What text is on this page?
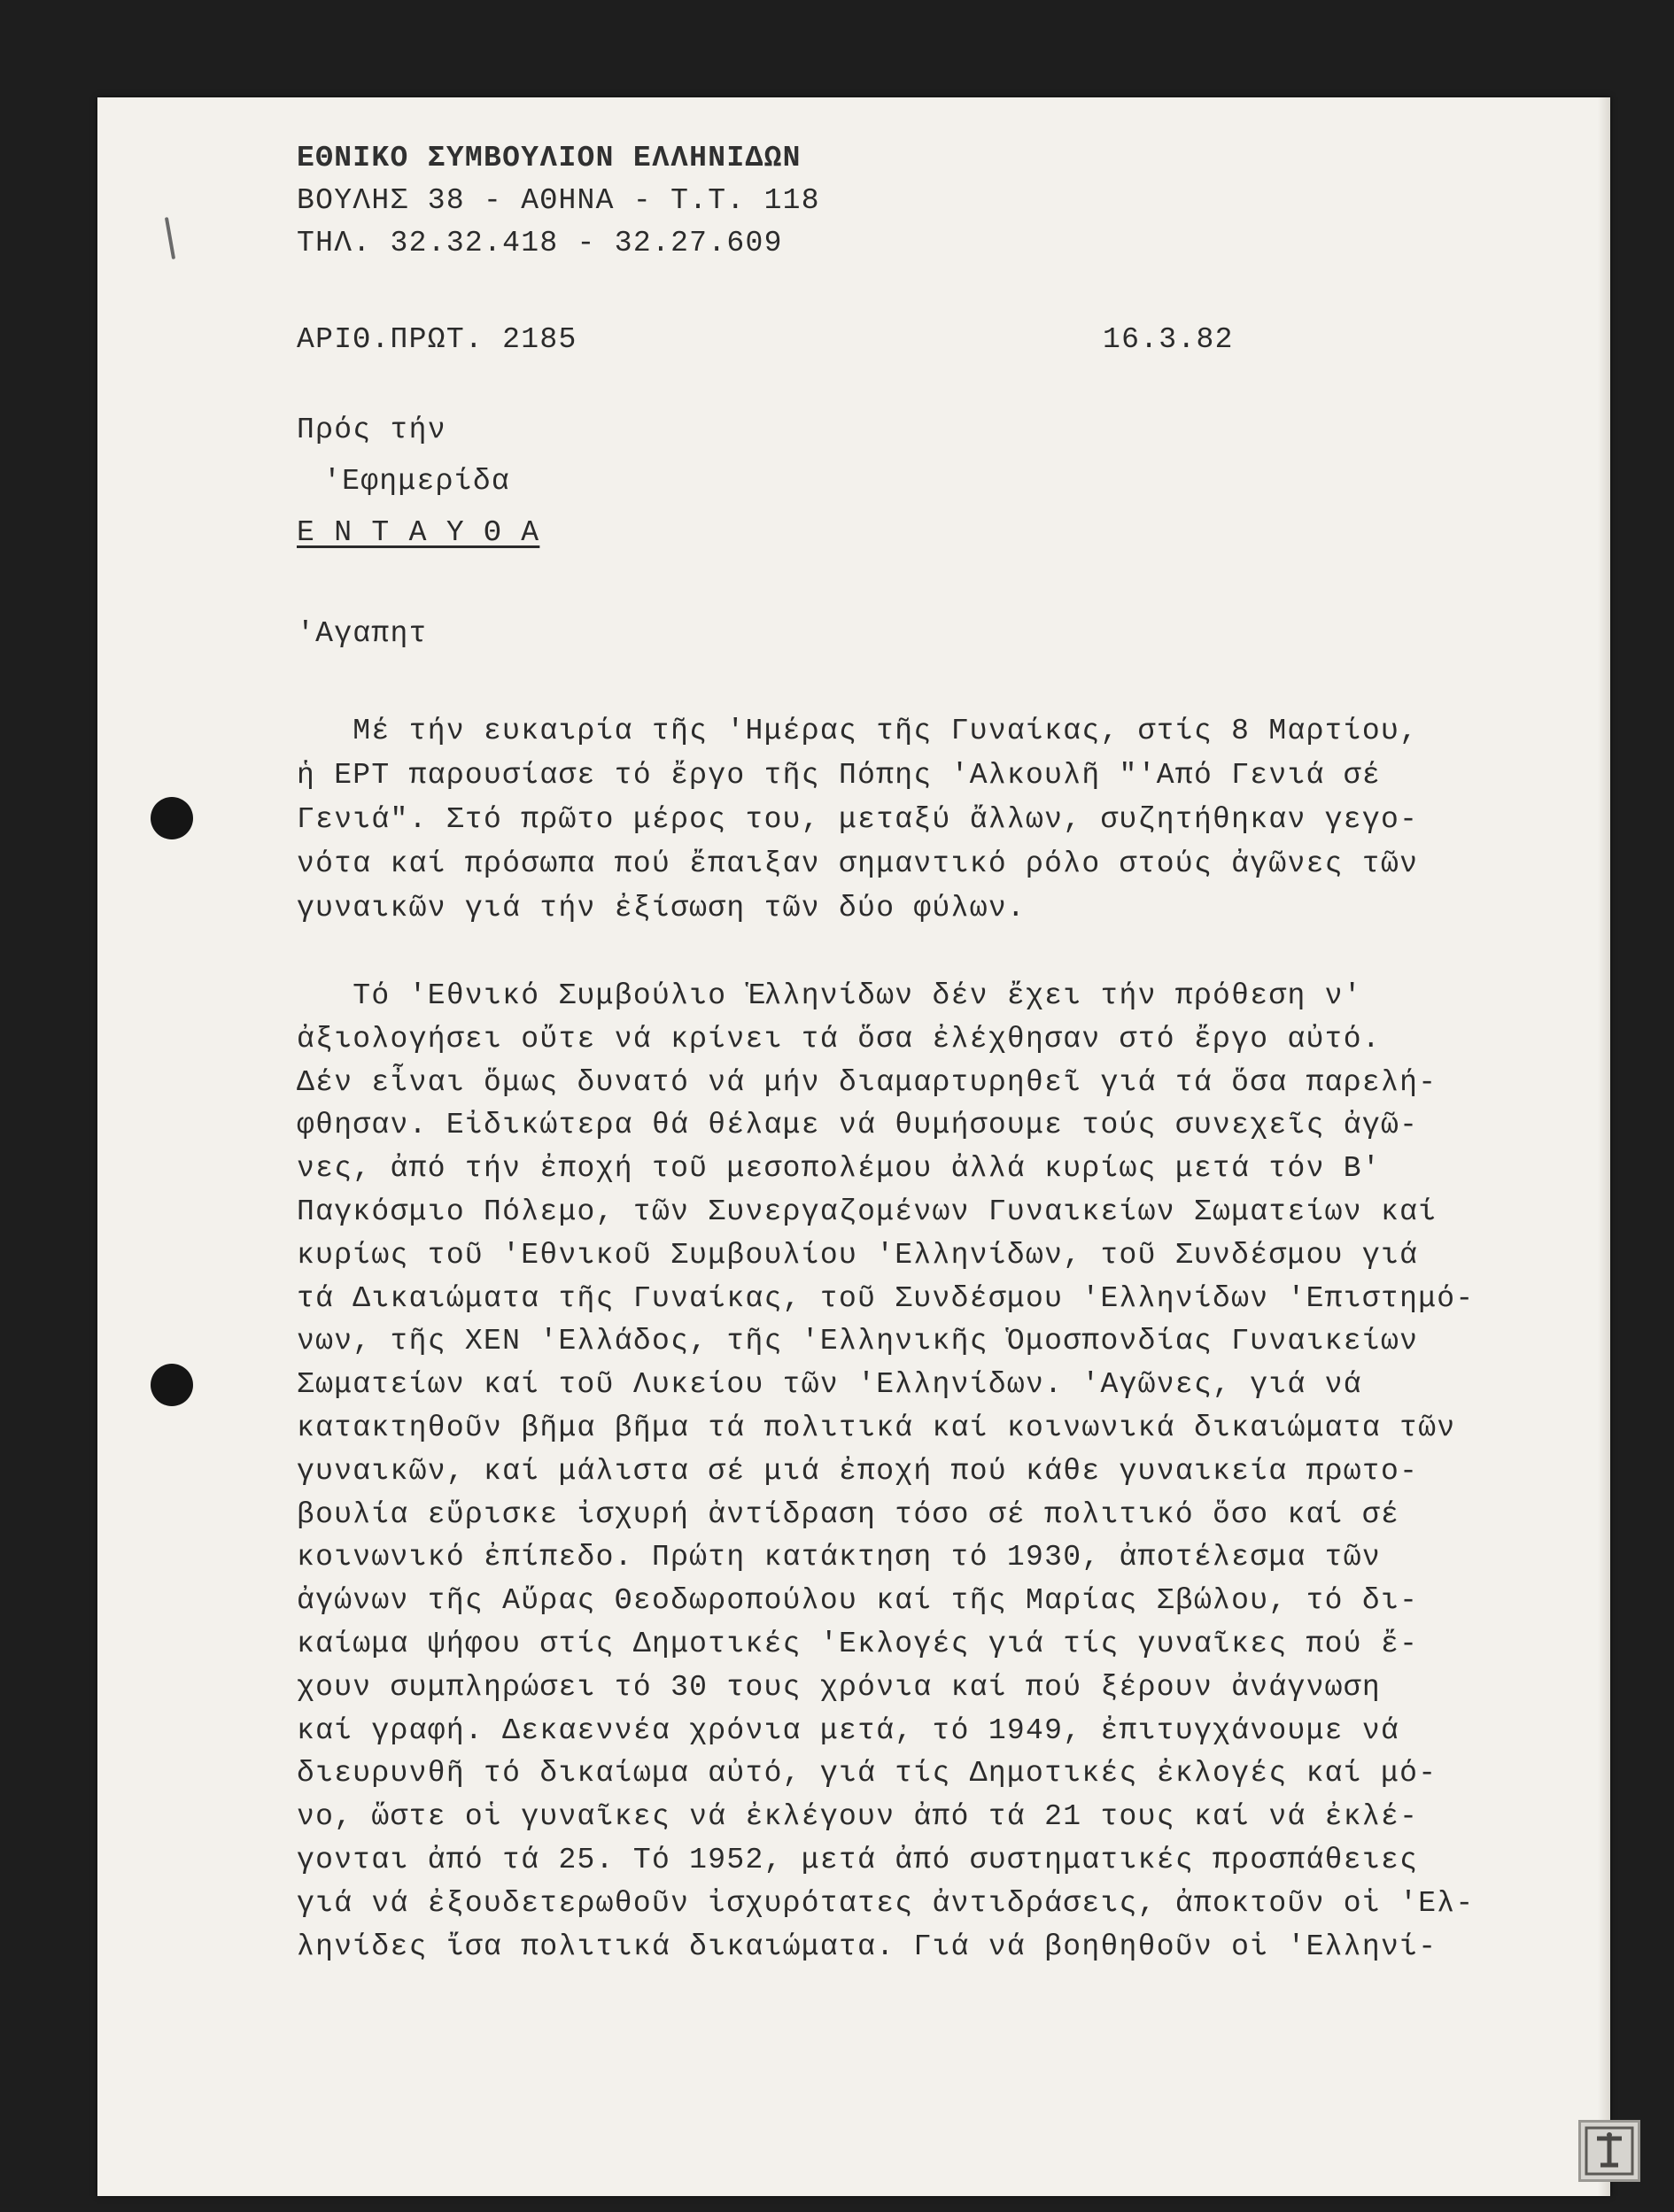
ΕΘΝΙΚΟ ΣΥΜΒΟΥΛΙΟΝ ΕΛΛΗΝΙΔΩΝ

ΒΟΥΛΗΣ 38 - ΑΘΗΝΑ - Τ.Τ. 118

ΤΗΛ. 32.32.418 - 32.27.609

ΑΡΙΘ.ΠΡΩΤ. 2185	16.3.82

Πρός τήν

'Εφημερίδα

Ε Ν Τ Α Υ Θ Α

'Αγαπητ

Μέ τήν ευκαιρία τῆς 'Ημέρας τῆς Γυναίκας, στίς 8 Μαρτίου,

ἡ ΕΡΤ παρουσίασε τό ἔργο τῆς Πόπης 'Αλκουλῆ "'Από Γενιά σέ

Γενιά". Στό πρῶτο μέρος του, μεταξύ ἄλλων, συζητήθηκαν γεγο-

νότα καί πρόσωπα πού ἔπαιξαν σημαντικό ρόλο στούς ἀγῶνες τῶν

γυναικῶν γιά τήν ἐξίσωση τῶν δύο φύλων.

Τό 'Εθνικό Συμβούλιο Ἑλληνίδων δέν ἔχει τήν πρόθεση ν'

ἀξιολογήσει οὔτε νά κρίνει τά ὅσα ἐλέχθησαν στό ἔργο αὐτό.

Δέν εἶναι ὅμως δυνατό νά μήν διαμαρτυρηθεῖ γιά τά ὅσα παρελή-

φθησαν. Εἰδικώτερα θά θέλαμε νά θυμήσουμε τούς συνεχεῖς ἀγῶ-

νες, ἀπό τήν ἐποχή τοῦ μεσοπολέμου ἀλλά κυρίως μετά τόν Β'

Παγκόσμιο Πόλεμο, τῶν Συνεργαζομένων Γυναικείων Σωματείων καί

κυρίως τοῦ 'Εθνικοῦ Συμβουλίου 'Ελληνίδων, τοῦ Συνδέσμου γιά

τά Δικαιώματα τῆς Γυναίκας, τοῦ Συνδέσμου 'Ελληνίδων 'Επιστημό-

νων, τῆς ΧΕΝ 'Ελλάδος, τῆς 'Ελληνικῆς Ὁμοσπονδίας Γυναικείων

Σωματείων καί τοῦ Λυκείου τῶν 'Ελληνίδων. 'Αγῶνες, γιά νά

κατακτηθοῦν βῆμα βῆμα τά πολιτικά καί κοινωνικά δικαιώματα τῶν

γυναικῶν, καί μάλιστα σέ μιά ἐποχή πού κάθε γυναικεία πρωτο-

βουλία εὕρισκε ἰσχυρή ἀντίδραση τόσο σέ πολιτικό ὅσο καί σέ

κοινωνικό ἐπίπεδο. Πρώτη κατάκτηση τό 1930, ἀποτέλεσμα τῶν

ἀγώνων τῆς Αὔρας Θεοδωροπούλου καί τῆς Μαρίας Σβώλου, τό δι-

καίωμα ψήφου στίς Δημοτικές 'Εκλογές γιά τίς γυναῖκες πού ἔ-

χουν συμπληρώσει τό 30 τους χρόνια καί πού ξέρουν ἀνάγνωση

καί γραφή. Δεκαεννέα χρόνια μετά, τό 1949, ἐπιτυγχάνουμε νά

διευρυνθῆ τό δικαίωμα αὐτό, γιά τίς Δημοτικές ἐκλογές καί μό-

νο, ὥστε οἱ γυναῖκες νά ἐκλέγουν ἀπό τά 21 τους καί νά ἐκλέ-

γονται ἀπό τά 25. Τό 1952, μετά ἀπό συστηματικές προσπάθειες

γιά νά ἐξουδετερωθοῦν ἰσχυρότατες ἀντιδράσεις, ἀποκτοῦν οἱ 'Ελ-

ληνίδες ἴσα πολιτικά δικαιώματα. Γιά νά βοηθηθοῦν οἱ 'Ελληνί-
